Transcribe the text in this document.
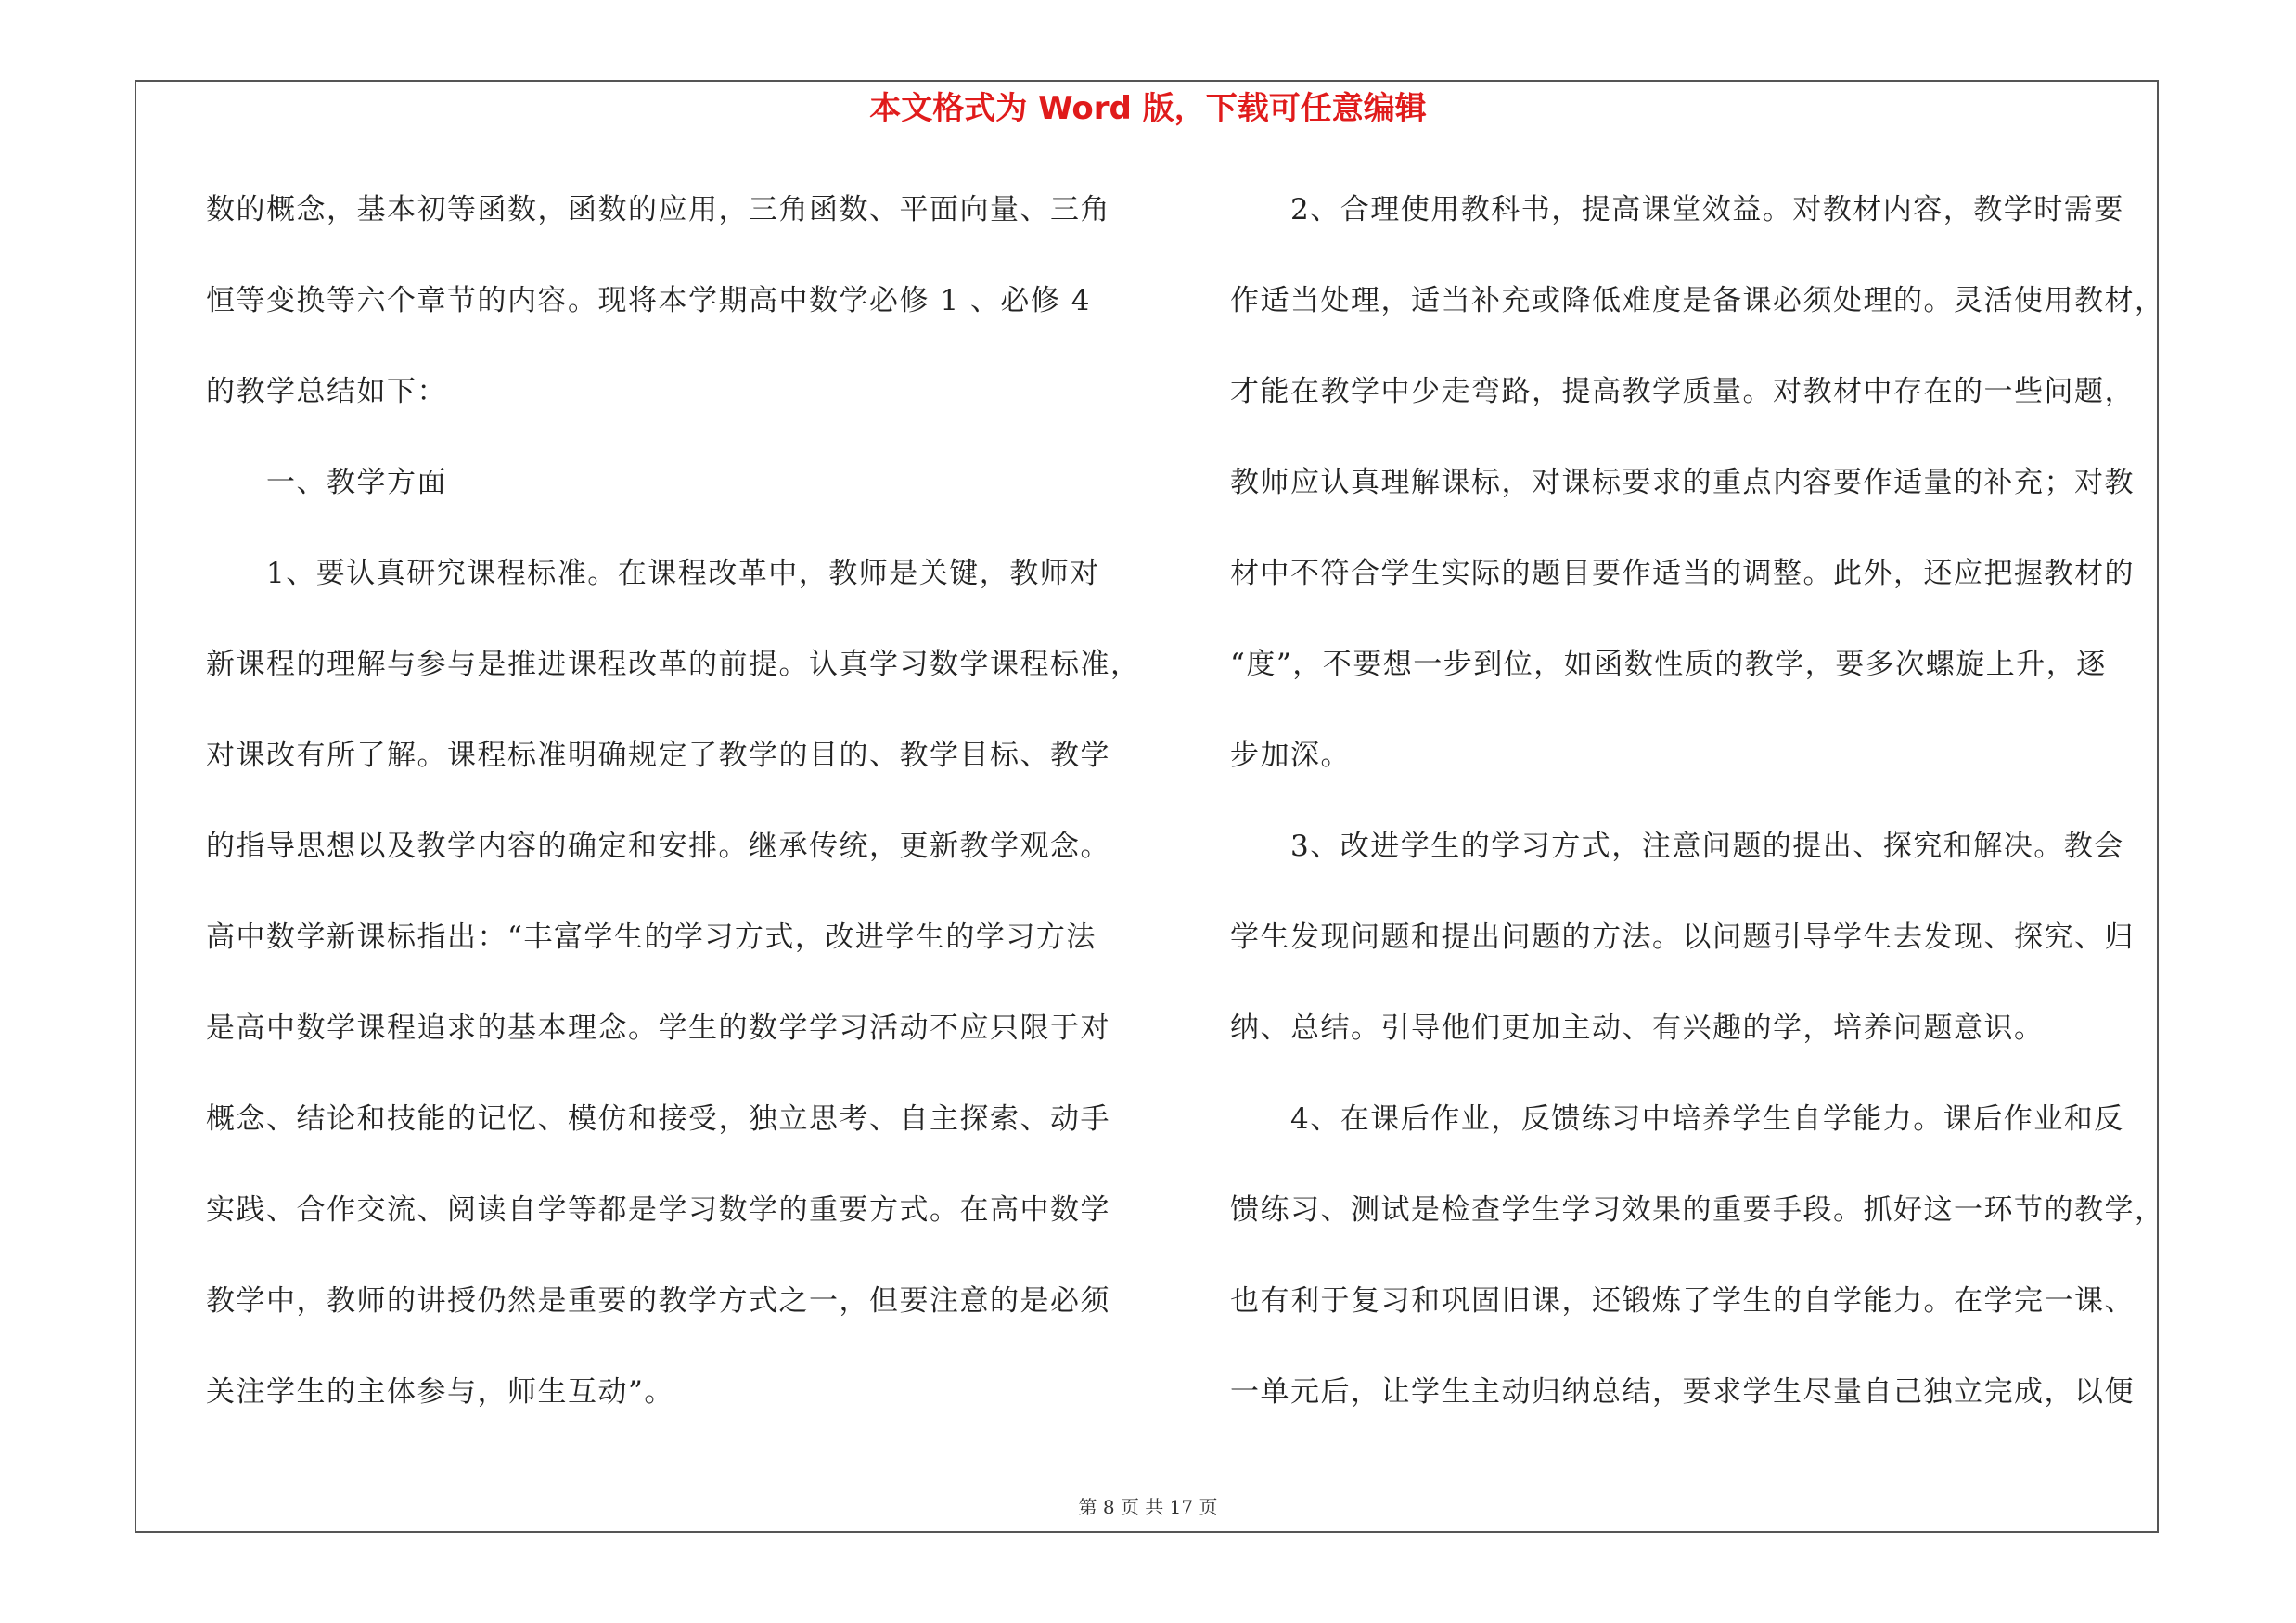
本文格式为 Word 版，下载可任意编辑
数的概念，基本初等函数，函数的应用，三角函数、平面向量、三角
恒等变换等六个章节的内容。现将本学期高中数学必修 1 、必修 4
的教学总结如下：
　　一、教学方面
　　1、要认真研究课程标准。在课程改革中，教师是关键，教师对
新课程的理解与参与是推进课程改革的前提。认真学习数学课程标准，
对课改有所了解。课程标准明确规定了教学的目的、教学目标、教学
的指导思想以及教学内容的确定和安排。继承传统，更新教学观念。
高中数学新课标指出：“丰富学生的学习方式，改进学生的学习方法
是高中数学课程追求的基本理念。学生的数学学习活动不应只限于对
概念、结论和技能的记忆、模仿和接受，独立思考、自主探索、动手
实践、合作交流、阅读自学等都是学习数学的重要方式。在高中数学
教学中，教师的讲授仍然是重要的教学方式之一，但要注意的是必须
关注学生的主体参与，师生互动”。
　　2、合理使用教科书，提高课堂效益。对教材内容，教学时需要
作适当处理，适当补充或降低难度是备课必须处理的。灵活使用教材，
才能在教学中少走弯路，提高教学质量。对教材中存在的一些问题，
教师应认真理解课标，对课标要求的重点内容要作适量的补充；对教
材中不符合学生实际的题目要作适当的调整。此外，还应把握教材的
“度”，不要想一步到位，如函数性质的教学，要多次螺旋上升，逐
步加深。
　　3、改进学生的学习方式，注意问题的提出、探究和解决。教会
学生发现问题和提出问题的方法。以问题引导学生去发现、探究、归
纳、总结。引导他们更加主动、有兴趣的学，培养问题意识。
　　4、在课后作业，反馈练习中培养学生自学能力。课后作业和反
馈练习、测试是检查学生学习效果的重要手段。抓好这一环节的教学，
也有利于复习和巩固旧课，还锻炼了学生的自学能力。在学完一课、
一单元后，让学生主动归纳总结，要求学生尽量自己独立完成，以便
第 8 页 共 17 页
